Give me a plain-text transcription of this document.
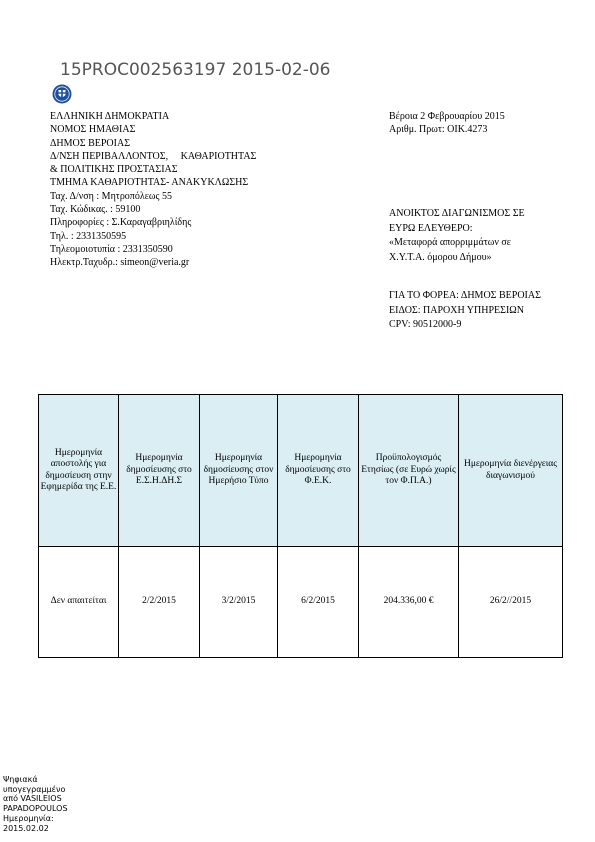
15PROC002563197 2015-02-06
ΕΛΛΗΝΙΚΗ ΔΗΜΟΚΡΑΤΙΑ
ΝΟΜΟΣ ΗΜΑΘΙΑΣ
ΔΗΜΟΣ ΒΕΡΟΙΑΣ
Δ/ΝΣΗ ΠΕΡΙΒΑΛΛΟΝΤΟΣ,     ΚΑΘΑΡΙΟΤΗΤΑΣ
& ΠΟΛΙΤΙΚΗΣ ΠΡΟΣΤΑΣΙΑΣ
ΤΜΗΜΑ ΚΑΘΑΡΙΟΤΗΤΑΣ- ΑΝΑΚΥΚΛΩΣΗΣ
Ταχ. Δ/νση : Μητροπόλεως 55
Ταχ. Κώδικας. : 59100
Πληροφορίες : Σ.Καραγαβριηλίδης
Τηλ. : 2331350595
Τηλεομοιοτυπία : 2331350590
Ηλεκτρ.Ταχυδρ.: simeon@veria.gr
Βέροια 2 Φεβρουαρίου 2015
Αριθμ. Πρωτ: ΟΙΚ.4273
ΑΝΟΙΚΤΟΣ ΔΙΑΓΩΝΙΣΜΟΣ ΣΕ
ΕΥΡΩ ΕΛΕΥΘΕΡΟ:
«Μεταφορά απορριμμάτων σε
Χ.Υ.Τ.Α. όμορου Δήμου»
ΓΙΑ ΤΟ ΦΟΡΕΑ: ΔΗΜΟΣ ΒΕΡΟΙΑΣ
ΕΙΔΟΣ: ΠΑΡΟΧΗ ΥΠΗΡΕΣΙΩΝ
CPV: 90512000-9
Ημερομηνία αποστολής για δημοσίευση στην Εφημερίδα της Ε.Ε.	Ημερομηνία δημοσίευσης στο Ε.Σ.Η.ΔΗ.Σ	Ημερομηνία δημοσίευσης στον Ημερήσιο Τύπο	Ημερομηνία δημοσίευσης στο Φ.Ε.Κ.	Προϋπολογισμός Ετησίως (σε Ευρώ χωρίς τον Φ.Π.Α.)	Ημερομηνία διενέργειας διαγωνισμού
Δεν απαιτείται	2/2/2015	3/2/2015	6/2/2015	204.336,00 €	26/2//2015
Ψηφιακά
υπογεγραμμένο
από VASILEIOS
PAPADOPOULOS
Ημερομηνία:
2015.02.02
